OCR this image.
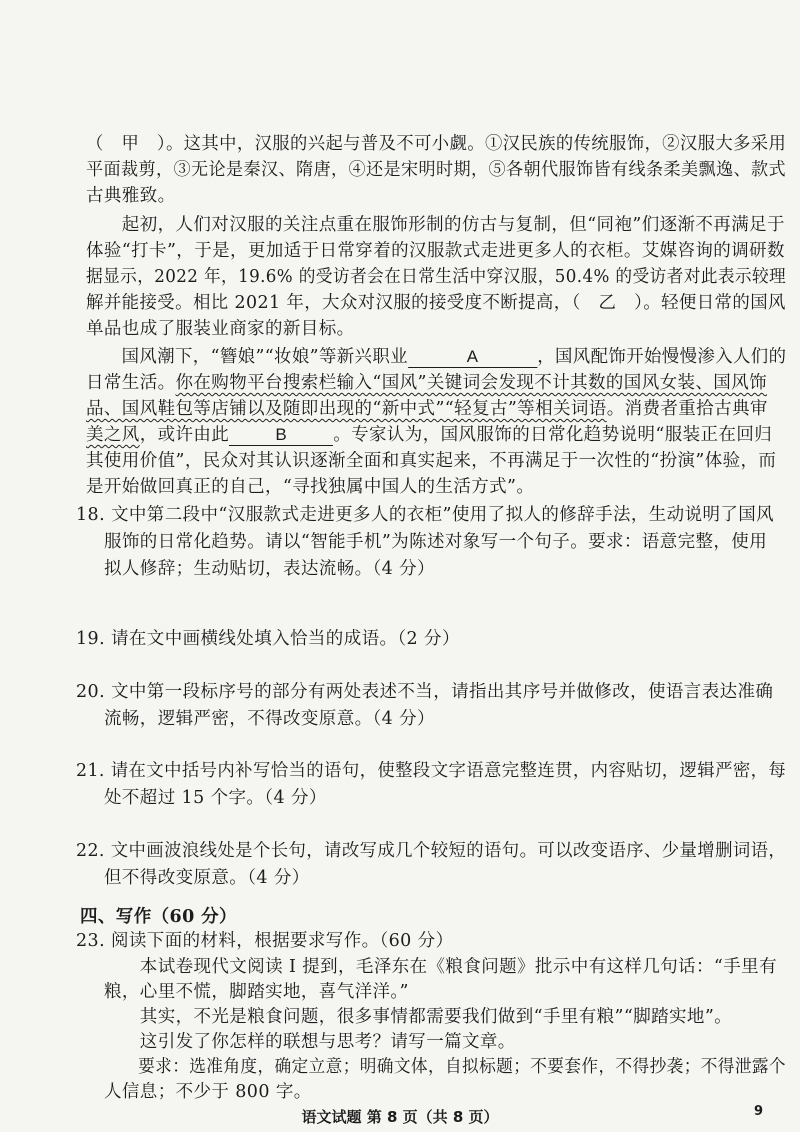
（　甲　）。这其中，汉服的兴起与普及不可小觑。①汉民族的传统服饰，②汉服大多采用
平面裁剪，③无论是秦汉、隋唐，④还是宋明时期，⑤各朝代服饰皆有线条柔美飘逸、款式
古典雅致。
　　起初，人们对汉服的关注点重在服饰形制的仿古与复制，但“同袍”们逐渐不再满足于
体验“打卡”，于是，更加适于日常穿着的汉服款式走进更多人的衣柜。艾媒咨询的调研数
据显示，2022 年，19.6% 的受访者会在日常生活中穿汉服，50.4% 的受访者对此表示较理
解并能接受。相比 2021 年，大众对汉服的接受度不断提高，（　乙　）。轻便日常的国风
单品也成了服装业商家的新目标。
　　国风潮下，“簪娘”“妆娘”等新兴职业	A	，国风配饰开始慢慢渗入人们的
日常生活。你在购物平台搜索栏输入“国风”关键词会发现不计其数的国风女装、国风饰
品、国风鞋包等店铺以及随即出现的“新中式”“轻复古”等相关词语。消费者重拾古典审
美之风，或许由此	B	。专家认为，国风服饰的日常化趋势说明“服装正在回归
其使用价值”，民众对其认识逐渐全面和真实起来，不再满足于一次性的“扮演”体验，而
是开始做回真正的自己，“寻找独属中国人的生活方式”。
18. 文中第二段中“汉服款式走进更多人的衣柜”使用了拟人的修辞手法，生动说明了国风
服饰的日常化趋势。请以“智能手机”为陈述对象写一个句子。要求：语意完整，使用
拟人修辞；生动贴切，表达流畅。（4 分）
19. 请在文中画横线处填入恰当的成语。（2 分）
20. 文中第一段标序号的部分有两处表述不当，请指出其序号并做修改，使语言表达准确
流畅，逻辑严密，不得改变原意。（4 分）
21. 请在文中括号内补写恰当的语句，使整段文字语意完整连贯，内容贴切，逻辑严密，每
处不超过 15 个字。（4 分）
22. 文中画波浪线处是个长句，请改写成几个较短的语句。可以改变语序、少量增删词语，
但不得改变原意。（4 分）
四、写作（60 分）
23. 阅读下面的材料，根据要求写作。（60 分）
　　本试卷现代文阅读 Ⅰ 提到，毛泽东在《粮食问题》批示中有这样几句话：“手里有
粮，心里不慌，脚踏实地，喜气洋洋。”
　　其实，不光是粮食问题，很多事情都需要我们做到“手里有粮”“脚踏实地”。
　　这引发了你怎样的联想与思考？请写一篇文章。
　　要求：选准角度，确定立意；明确文体，自拟标题；不要套作，不得抄袭；不得泄露个
人信息；不少于 800 字。
9
语文试题 第 8 页（共 8 页）
